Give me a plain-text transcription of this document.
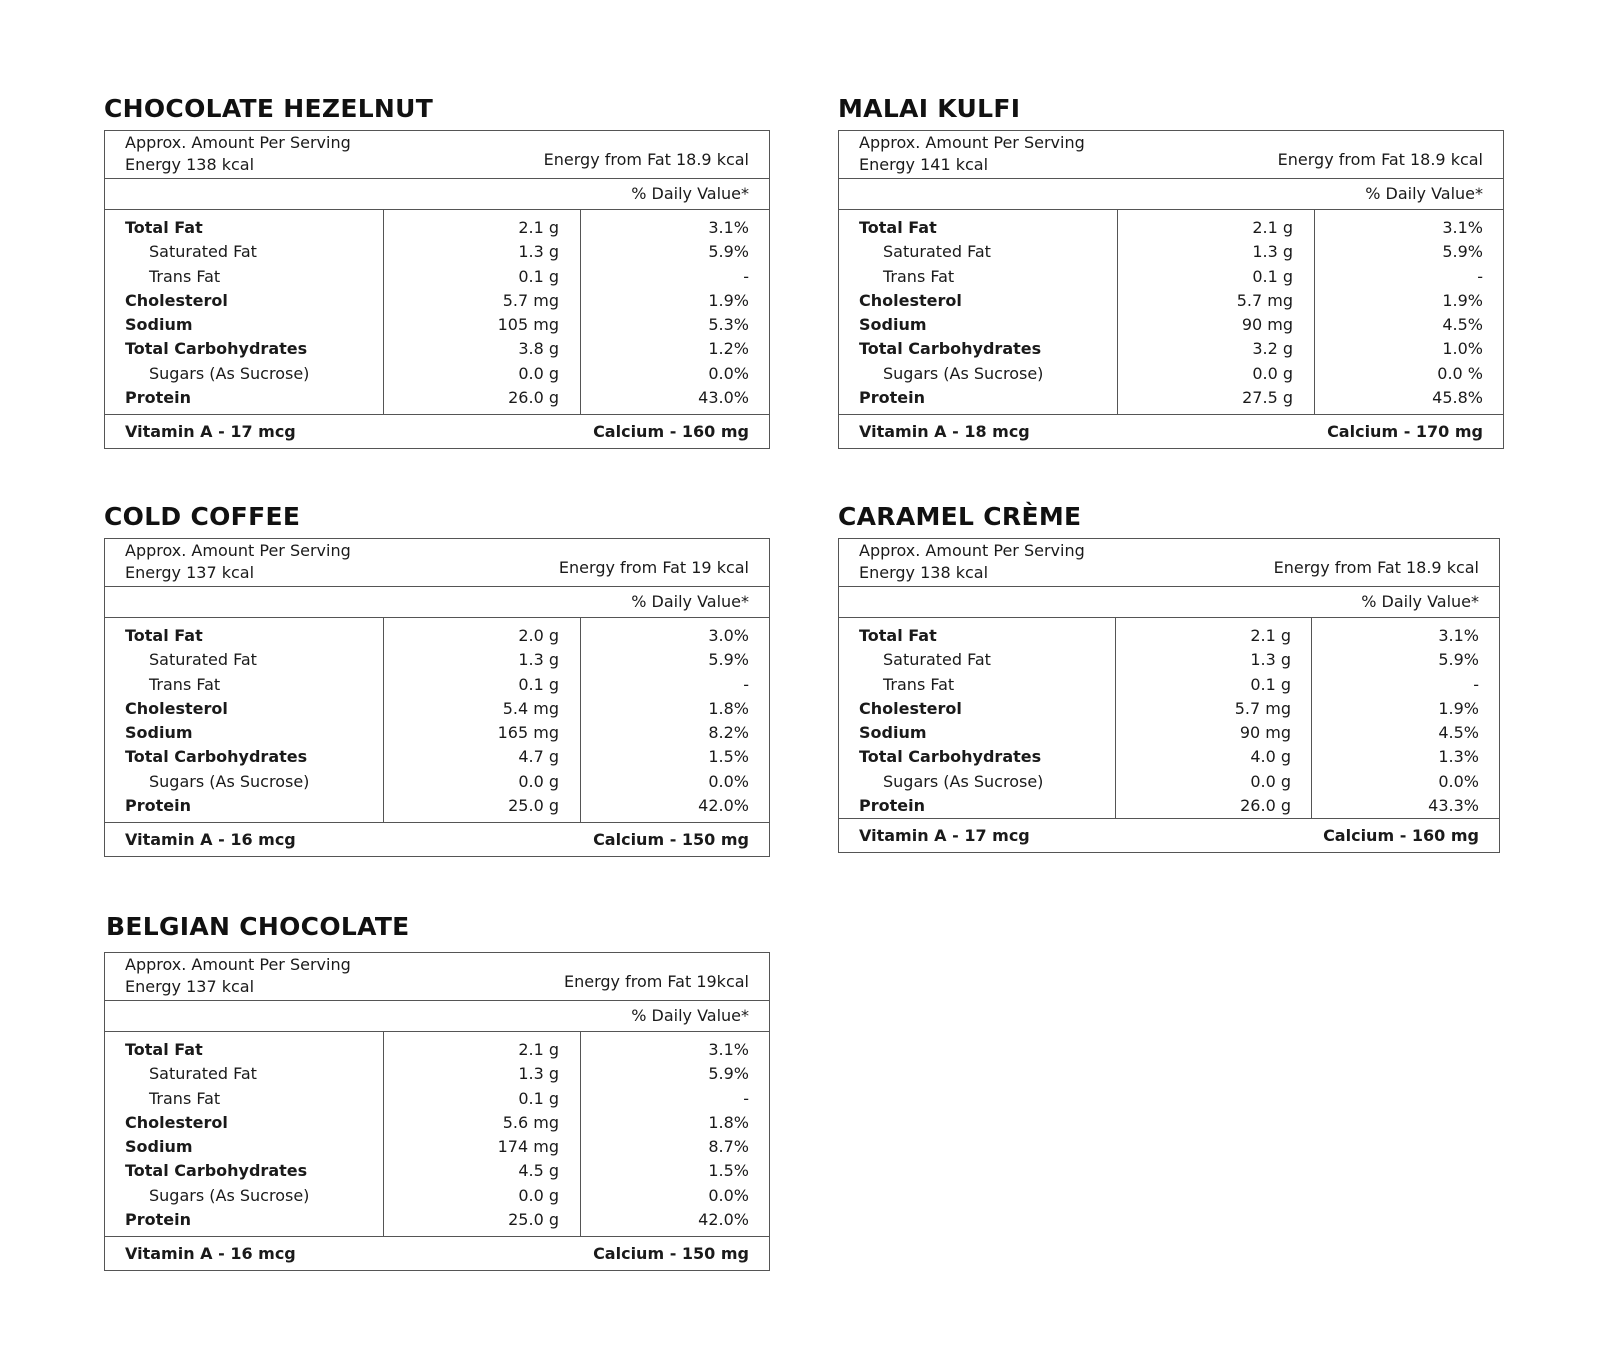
CHOCOLATE HEZELNUT
Approx. Amount Per Serving
Energy 138 kcal	Energy from Fat 18.9 kcal
% Daily Value*
Total Fat	2.1 g	3.1%
Saturated Fat	1.3 g	5.9%
Trans Fat	0.1 g	-
Cholesterol	5.7 mg	1.9%
Sodium	105 mg	5.3%
Total Carbohydrates	3.8 g	1.2%
Sugars (As Sucrose)	0.0 g	0.0%
Protein	26.0 g	43.0%
Vitamin A - 17 mcg	Calcium - 160 mg
MALAI KULFI
Approx. Amount Per Serving
Energy 141 kcal	Energy from Fat 18.9 kcal
% Daily Value*
Total Fat	2.1 g	3.1%
Saturated Fat	1.3 g	5.9%
Trans Fat	0.1 g	-
Cholesterol	5.7 mg	1.9%
Sodium	90 mg	4.5%
Total Carbohydrates	3.2 g	1.0%
Sugars (As Sucrose)	0.0 g	0.0 %
Protein	27.5 g	45.8%
Vitamin A - 18 mcg	Calcium - 170 mg
COLD COFFEE
Approx. Amount Per Serving
Energy 137 kcal	Energy from Fat 19 kcal
% Daily Value*
Total Fat	2.0 g	3.0%
Saturated Fat	1.3 g	5.9%
Trans Fat	0.1 g	-
Cholesterol	5.4 mg	1.8%
Sodium	165 mg	8.2%
Total Carbohydrates	4.7 g	1.5%
Sugars (As Sucrose)	0.0 g	0.0%
Protein	25.0 g	42.0%
Vitamin A - 16 mcg	Calcium - 150 mg
CARAMEL CRÈME
Approx. Amount Per Serving
Energy 138 kcal	Energy from Fat 18.9 kcal
% Daily Value*
Total Fat	2.1 g	3.1%
Saturated Fat	1.3 g	5.9%
Trans Fat	0.1 g	-
Cholesterol	5.7 mg	1.9%
Sodium	90 mg	4.5%
Total Carbohydrates	4.0 g	1.3%
Sugars (As Sucrose)	0.0 g	0.0%
Protein	26.0 g	43.3%
Vitamin A - 17 mcg	Calcium - 160 mg
BELGIAN CHOCOLATE
Approx. Amount Per Serving
Energy 137 kcal	Energy from Fat 19kcal
% Daily Value*
Total Fat	2.1 g	3.1%
Saturated Fat	1.3 g	5.9%
Trans Fat	0.1 g	-
Cholesterol	5.6 mg	1.8%
Sodium	174 mg	8.7%
Total Carbohydrates	4.5 g	1.5%
Sugars (As Sucrose)	0.0 g	0.0%
Protein	25.0 g	42.0%
Vitamin A - 16 mcg	Calcium - 150 mg
